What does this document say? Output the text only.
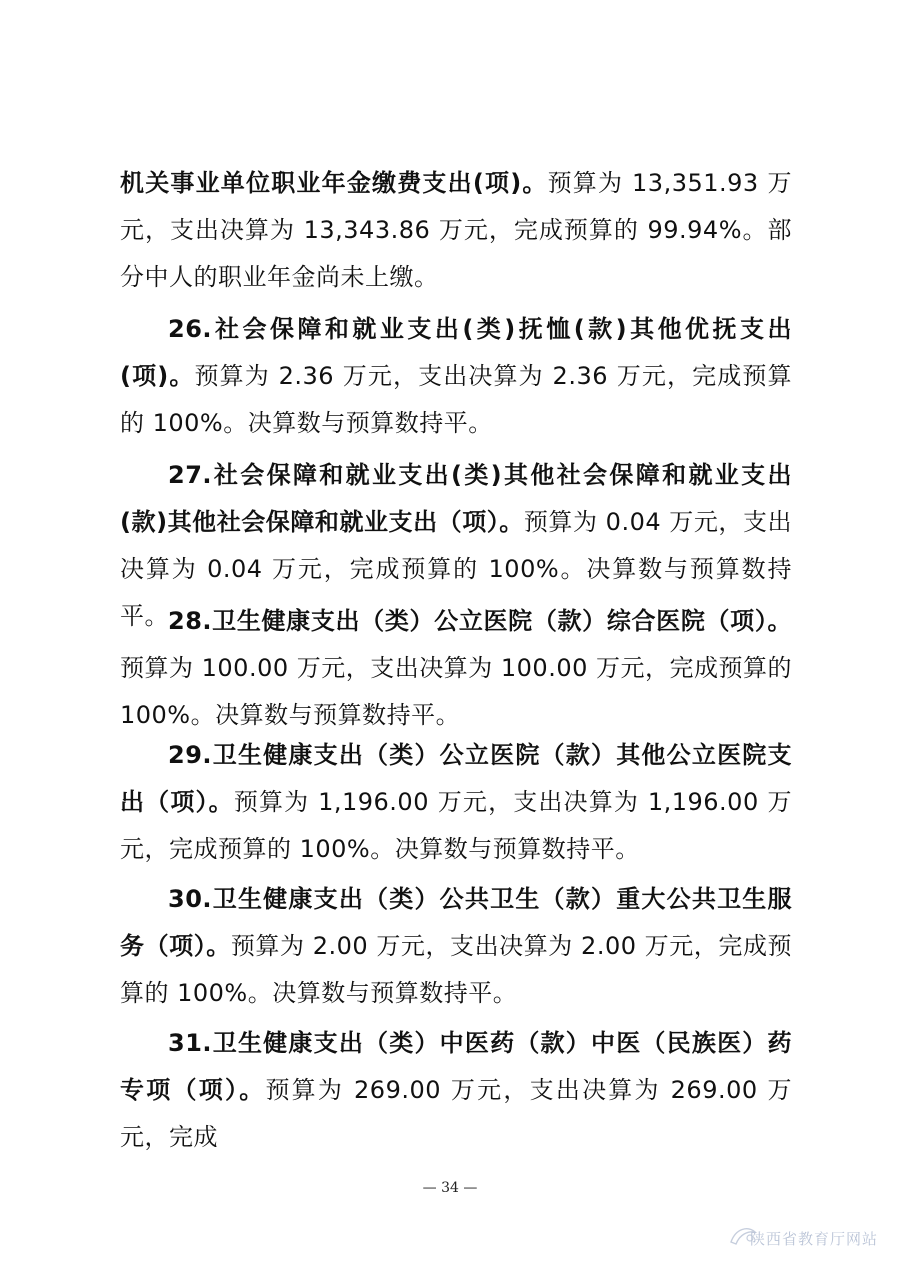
机关事业单位职业年金缴费支出(项)。预算为 13,351.93 万元，支出决算为 13,343.86 万元，完成预算的 99.94%。部分中人的职业年金尚未上缴。

26.社会保障和就业支出(类)抚恤(款)其他优抚支出(项)。预算为 2.36 万元，支出决算为 2.36 万元，完成预算的 100%。决算数与预算数持平。

27.社会保障和就业支出(类)其他社会保障和就业支出(款)其他社会保障和就业支出（项）。预算为 0.04 万元，支出决算为 0.04 万元，完成预算的 100%。决算数与预算数持平。 28.卫生健康支出（类）公立医院（款）综合医院（项）。预算为 100.00 万元，支出决算为 100.00 万元，完成预算的 100%。决算数与预算数持平。

29.卫生健康支出（类）公立医院（款）其他公立医院支出（项）。预算为 1,196.00 万元，支出决算为 1,196.00 万元，完成预算的 100%。决算数与预算数持平。

30.卫生健康支出（类）公共卫生（款）重大公共卫生服务（项）。预算为 2.00 万元，支出决算为 2.00 万元，完成预算的 100%。决算数与预算数持平。

31.卫生健康支出（类）中医药（款）中医（民族医）药专项（项）。预算为 269.00 万元，支出决算为 269.00 万元，完成

— 34 —
陕西省教育厅网站
